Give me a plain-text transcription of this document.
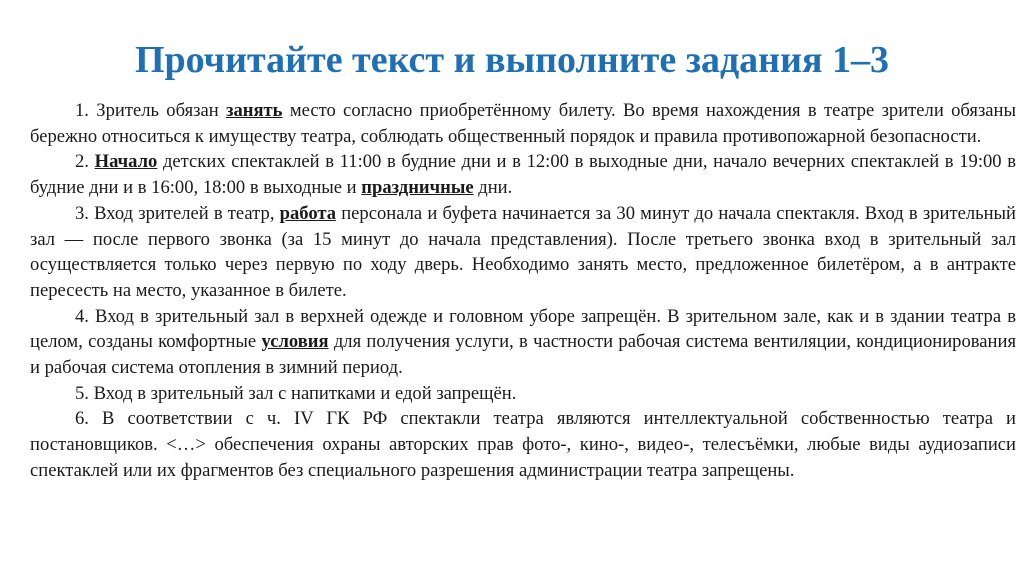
Прочитайте текст и выполните задания 1–3

1. Зритель обязан занять место согласно приобретённому билету. Во время нахождения в театре зрители обязаны бережно относиться к имуществу театра, соблюдать общественный порядок и правила противопожарной безопасности.

2. Начало детских спектаклей в 11:00 в будние дни и в 12:00 в выходные дни, начало вечерних спектаклей в 19:00 в будние дни и в 16:00, 18:00 в выходные и праздничные дни.

3. Вход зрителей в театр, работа персонала и буфета начинается за 30 минут до начала спектакля. Вход в зрительный зал — после первого звонка (за 15 минут до начала представления). После третьего звонка вход в зрительный зал осуществляется только через первую по ходу дверь. Необходимо занять место, предложенное билетёром, а в антракте пересесть на место, указанное в билете.

4. Вход в зрительный зал в верхней одежде и головном уборе запрещён. В зрительном зале, как и в здании театра в целом, созданы комфортные условия для получения услуги, в частности рабочая система вентиляции, кондиционирования и рабочая система отопления в зимний период.

5. Вход в зрительный зал с напитками и едой запрещён.

6. В соответствии с ч. IV ГК РФ спектакли театра являются интеллектуальной собственностью театра и постановщиков. <…> обеспечения охраны авторских прав фото-, кино-, видео-, телесъёмки, любые виды аудиозаписи спектаклей или их фрагментов без специального разрешения администрации театра запрещены.
